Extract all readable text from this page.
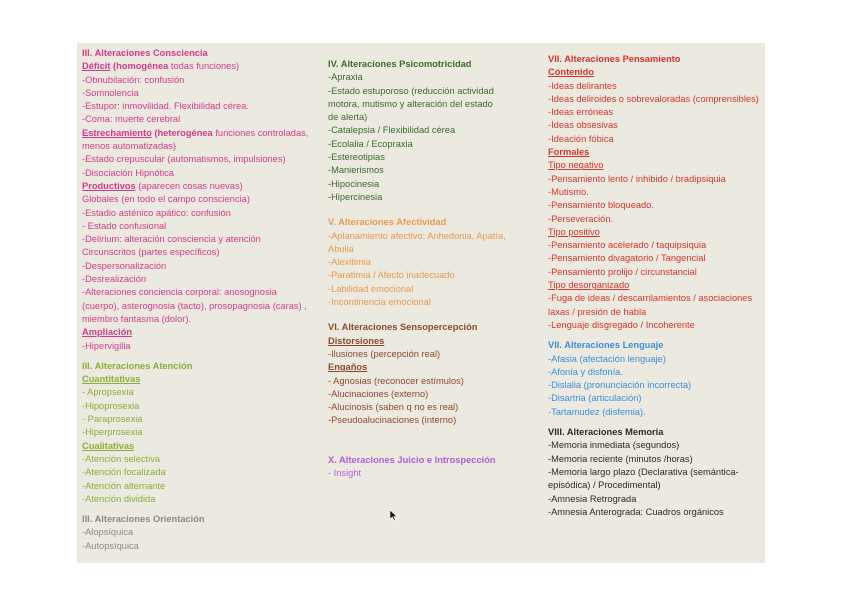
III. Alteraciones Consciencia
Déficit (homogénea todas funciones)
-Obnubilación: confusión
-Somnolencia
-Estupor: inmovilidad. Flexibilidad cérea.
-Coma: muerte cerebral
Estrechamiento (heterogénea funciones controladas, menos automatizadas)
-Estado crepuscular (automatismos, impulsiones)
-Disociación Hipnótica
Productivos (aparecen cosas nuevas)
Globales (en todo el campo consciencia)
-Estadio asténico apático: confusión
- Estado confusional
-Delirium: alteración consciencia y atención
Circunscritos (partes específicos)
-Despersonalización
-Desrealización
-Alteraciones conciencia corporal: anosognosia (cuerpo), asterognosia (tacto), prosopagnosia (caras) , miembro fantasma (dolor).
Ampliación
-Hipervigilia
III. Alteraciones Atención
Cuantitativas
- Apropsexia
-Hipoprosexia
- Paraprosexia
-Hiperprosexia
Cualitativas
-Atención selectiva
-Atención focalizada
-Atención alternante
-Atención dividida
III. Alteraciones Orientación
-Alopsíquica
-Autopsíquica
IV. Alteraciones Psicomotricidad
-Apraxia
-Estado estuporoso (reducción actividad
motora, mutismo y alteración del estado
de alerta)
-Catalepsia / Flexibilidad cérea
-Ecolalia / Ecopraxia
-Estereotipias
-Manierismos
-Hipocinesia
-Hipercinesia
V. Alteraciones Afectividad
-Aplanamiento afectivo: Anhedonia, Apatía, Abulia
-Alexitimia
-Paratimia / Afecto inadecuado
-Labilidad emocional
-Incontinencia emocional
VI. Alteraciones Sensopercepción
Distorsiones
-Ilusiones (percepción real)
Engaños
- Agnosias (reconocer estímulos)
-Alucinaciones (externo)
-Alucinosis (saben q no es real)
-Pseudoalucinaciones (interno)
X. Alteraciones Juicio e Introspección
- Insight
VII. Alteraciones Pensamiento
Contenido
-Ideas delirantes
-Ideas deliroides o sobrevaloradas (comprensibles)
-Ideas erróneas
-Ideas obsesivas
-Ideación fóbica
Formales
Tipo negativo
-Pensamiento lento / inhibido / bradipsiquia
-Mutismo.
-Pensamiento bloqueado.
-Perseveración.
Tipo positivo
-Pensamiento acelerado / taquipsiquia
-Pensamiento divagatorio / Tangencial
-Pensamiento prolijo / circunstancial
Tipo desorganizado
-Fuga de ideas / descarrilamientos / asociaciones laxas / presión de habla
-Lenguaje disgregado / Incoherente
VII. Alteraciones Lenguaje
-Afasia (afectación lenguaje)
-Afonía y disfonía.
-Dislalia (pronunciación incorrecta)
-Disartria (articulación)
-Tartamudez (disfemia).
VIII. Alteraciones Memoria
-Memoria inmediata (segundos)
-Memoria reciente (minutos /horas)
-Memoria largo plazo (Declarativa (semántica-episódica) / Procedimental)
-Amnesia Retrograda
-Amnesia Anterograda: Cuadros orgánicos
